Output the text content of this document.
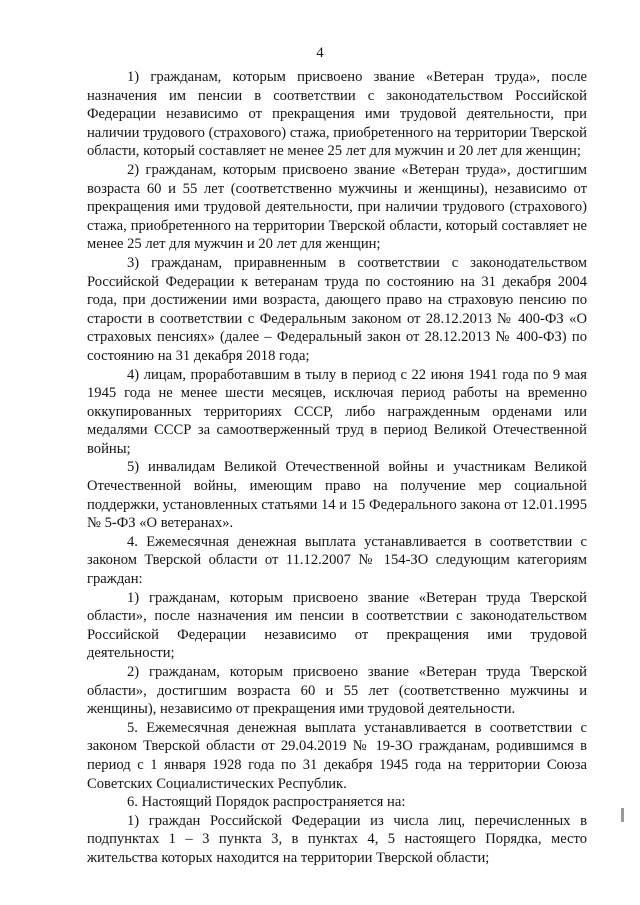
4

1) гражданам, которым присвоено звание «Ветеран труда», после назначения им пенсии в соответствии с законодательством Российской Федерации независимо от прекращения ими трудовой деятельности, при наличии трудового (страхового) стажа, приобретенного на территории Тверской области, который составляет не менее 25 лет для мужчин и 20 лет для женщин;

2) гражданам, которым присвоено звание «Ветеран труда», достигшим возраста 60 и 55 лет (соответственно мужчины и женщины), независимо от прекращения ими трудовой деятельности, при наличии трудового (страхового) стажа, приобретенного на территории Тверской области, который составляет не менее 25 лет для мужчин и 20 лет для женщин;

3) гражданам, приравненным в соответствии с законодательством Российской Федерации к ветеранам труда по состоянию на 31 декабря 2004 года, при достижении ими возраста, дающего право на страховую пенсию по старости в соответствии с Федеральным законом от 28.12.2013 № 400-ФЗ «О страховых пенсиях» (далее – Федеральный закон от 28.12.2013 № 400-ФЗ) по состоянию на 31 декабря 2018 года;

4) лицам, проработавшим в тылу в период с 22 июня 1941 года по 9 мая 1945 года не менее шести месяцев, исключая период работы на временно оккупированных территориях СССР, либо награжденным орденами или медалями СССР за самоотверженный труд в период Великой Отечественной войны;

5) инвалидам Великой Отечественной войны и участникам Великой Отечественной войны, имеющим право на получение мер социальной поддержки, установленных статьями 14 и 15 Федерального закона от 12.01.1995 № 5-ФЗ «О ветеранах».

4. Ежемесячная денежная выплата устанавливается в соответствии с законом Тверской области от 11.12.2007 № 154-ЗО следующим категориям граждан:

1) гражданам, которым присвоено звание «Ветеран труда Тверской области», после назначения им пенсии в соответствии с законодательством Российской Федерации независимо от прекращения ими трудовой деятельности;

2) гражданам, которым присвоено звание «Ветеран труда Тверской области», достигшим возраста 60 и 55 лет (соответственно мужчины и женщины), независимо от прекращения ими трудовой деятельности.

5. Ежемесячная денежная выплата устанавливается в соответствии с законом Тверской области от 29.04.2019 № 19-ЗО гражданам, родившимся в период с 1 января 1928 года по 31 декабря 1945 года на территории Союза Советских Социалистических Республик.

6. Настоящий Порядок распространяется на:

1) граждан Российской Федерации из числа лиц, перечисленных в подпунктах 1 – 3 пункта 3, в пунктах 4, 5 настоящего Порядка, место жительства которых находится на территории Тверской области;
